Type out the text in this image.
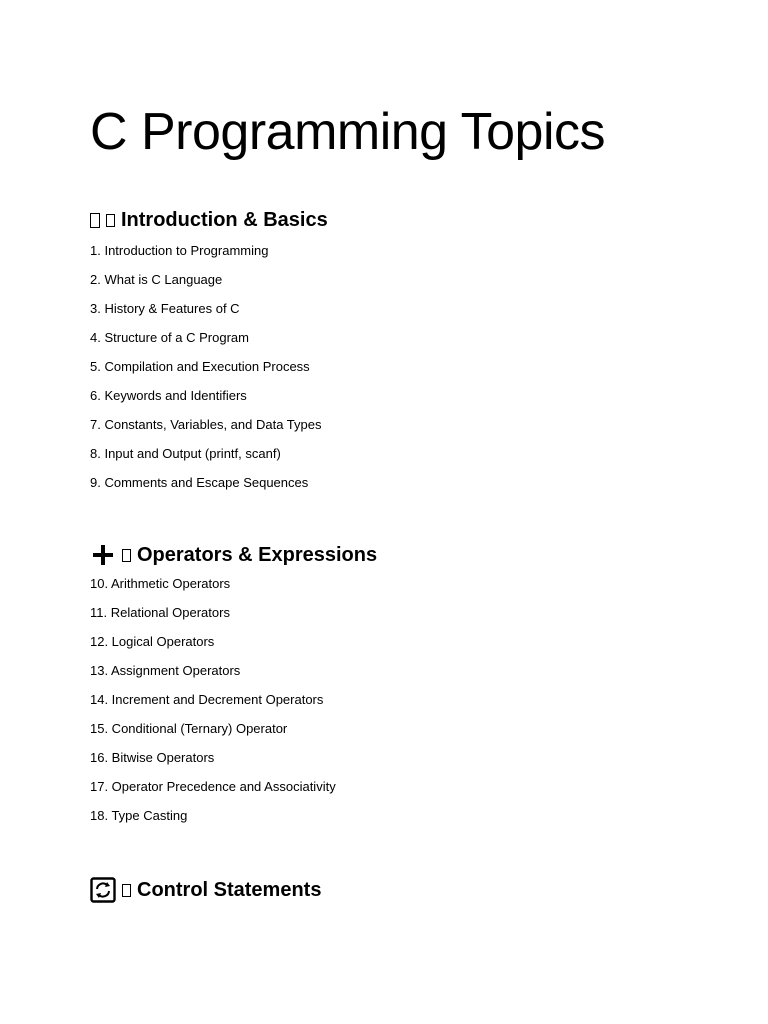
C Programming Topics
Introduction & Basics
1. Introduction to Programming
2. What is C Language
3. History & Features of C
4. Structure of a C Program
5. Compilation and Execution Process
6. Keywords and Identifiers
7. Constants, Variables, and Data Types
8. Input and Output (printf, scanf)
9. Comments and Escape Sequences
Operators & Expressions
10. Arithmetic Operators
11. Relational Operators
12. Logical Operators
13. Assignment Operators
14. Increment and Decrement Operators
15. Conditional (Ternary) Operator
16. Bitwise Operators
17. Operator Precedence and Associativity
18. Type Casting
Control Statements
